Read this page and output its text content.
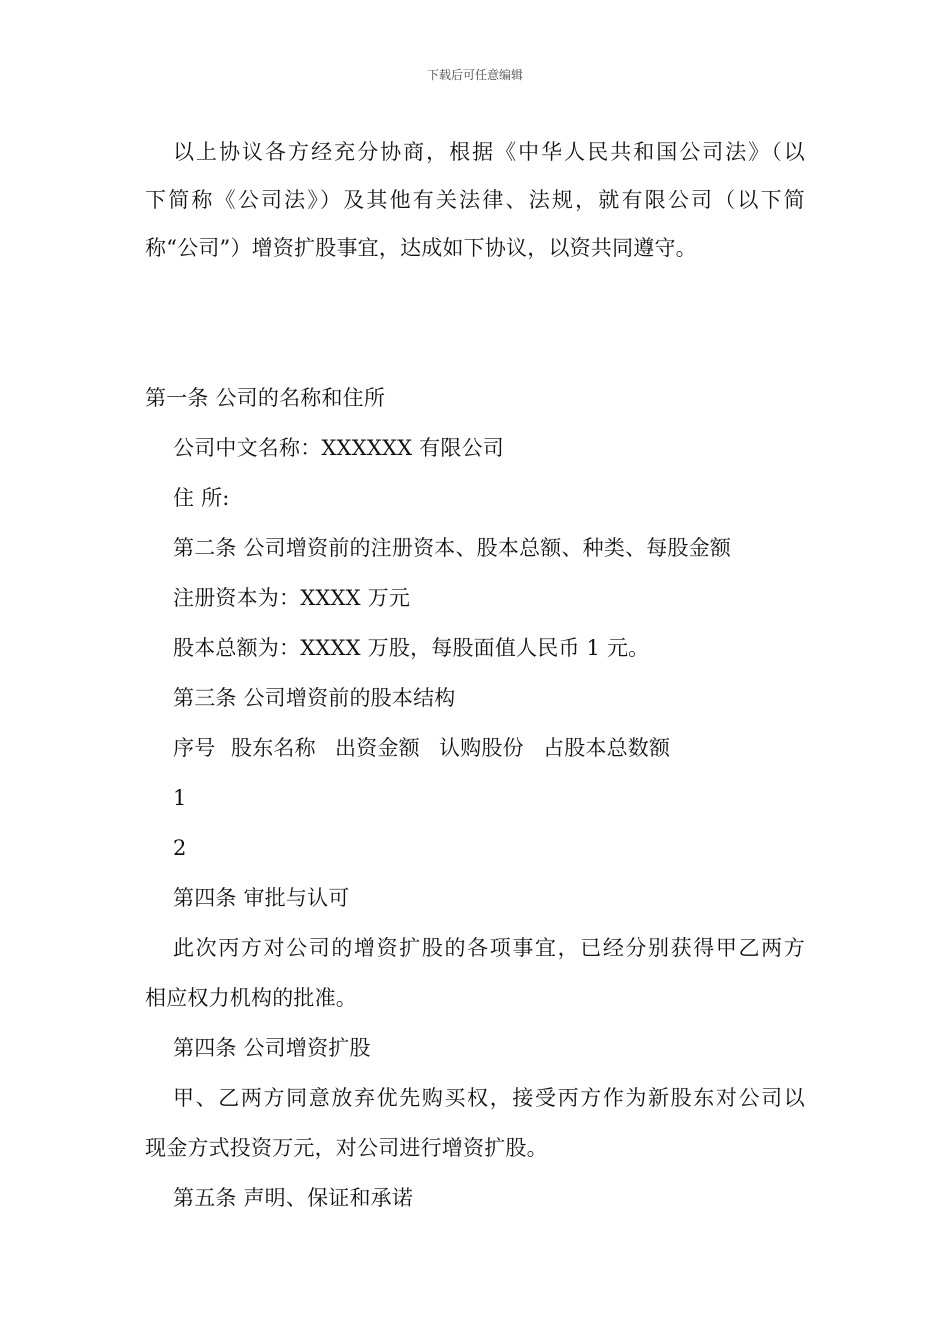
下载后可任意编辑
以上协议各方经充分协商，根据《中华人民共和国公司法》（以
下简称《公司法》）及其他有关法律、法规，就有限公司（以下简
称“公司”）增资扩股事宜，达成如下协议，以资共同遵守。
第一条 公司的名称和住所
公司中文名称：XXXXXX 有限公司
住 所:
第二条 公司增资前的注册资本、股本总额、种类、每股金额
注册资本为：XXXX 万元
股本总额为：XXXX 万股，每股面值人民币 1 元。
第三条 公司增资前的股本结构
序号 股东名称 出资金额 认购股份 占股本总数额
1
2
第四条 审批与认可
此次丙方对公司的增资扩股的各项事宜，已经分别获得甲乙两方
相应权力机构的批准。
第四条 公司增资扩股
甲、乙两方同意放弃优先购买权，接受丙方作为新股东对公司以
现金方式投资万元，对公司进行增资扩股。
第五条 声明、保证和承诺
